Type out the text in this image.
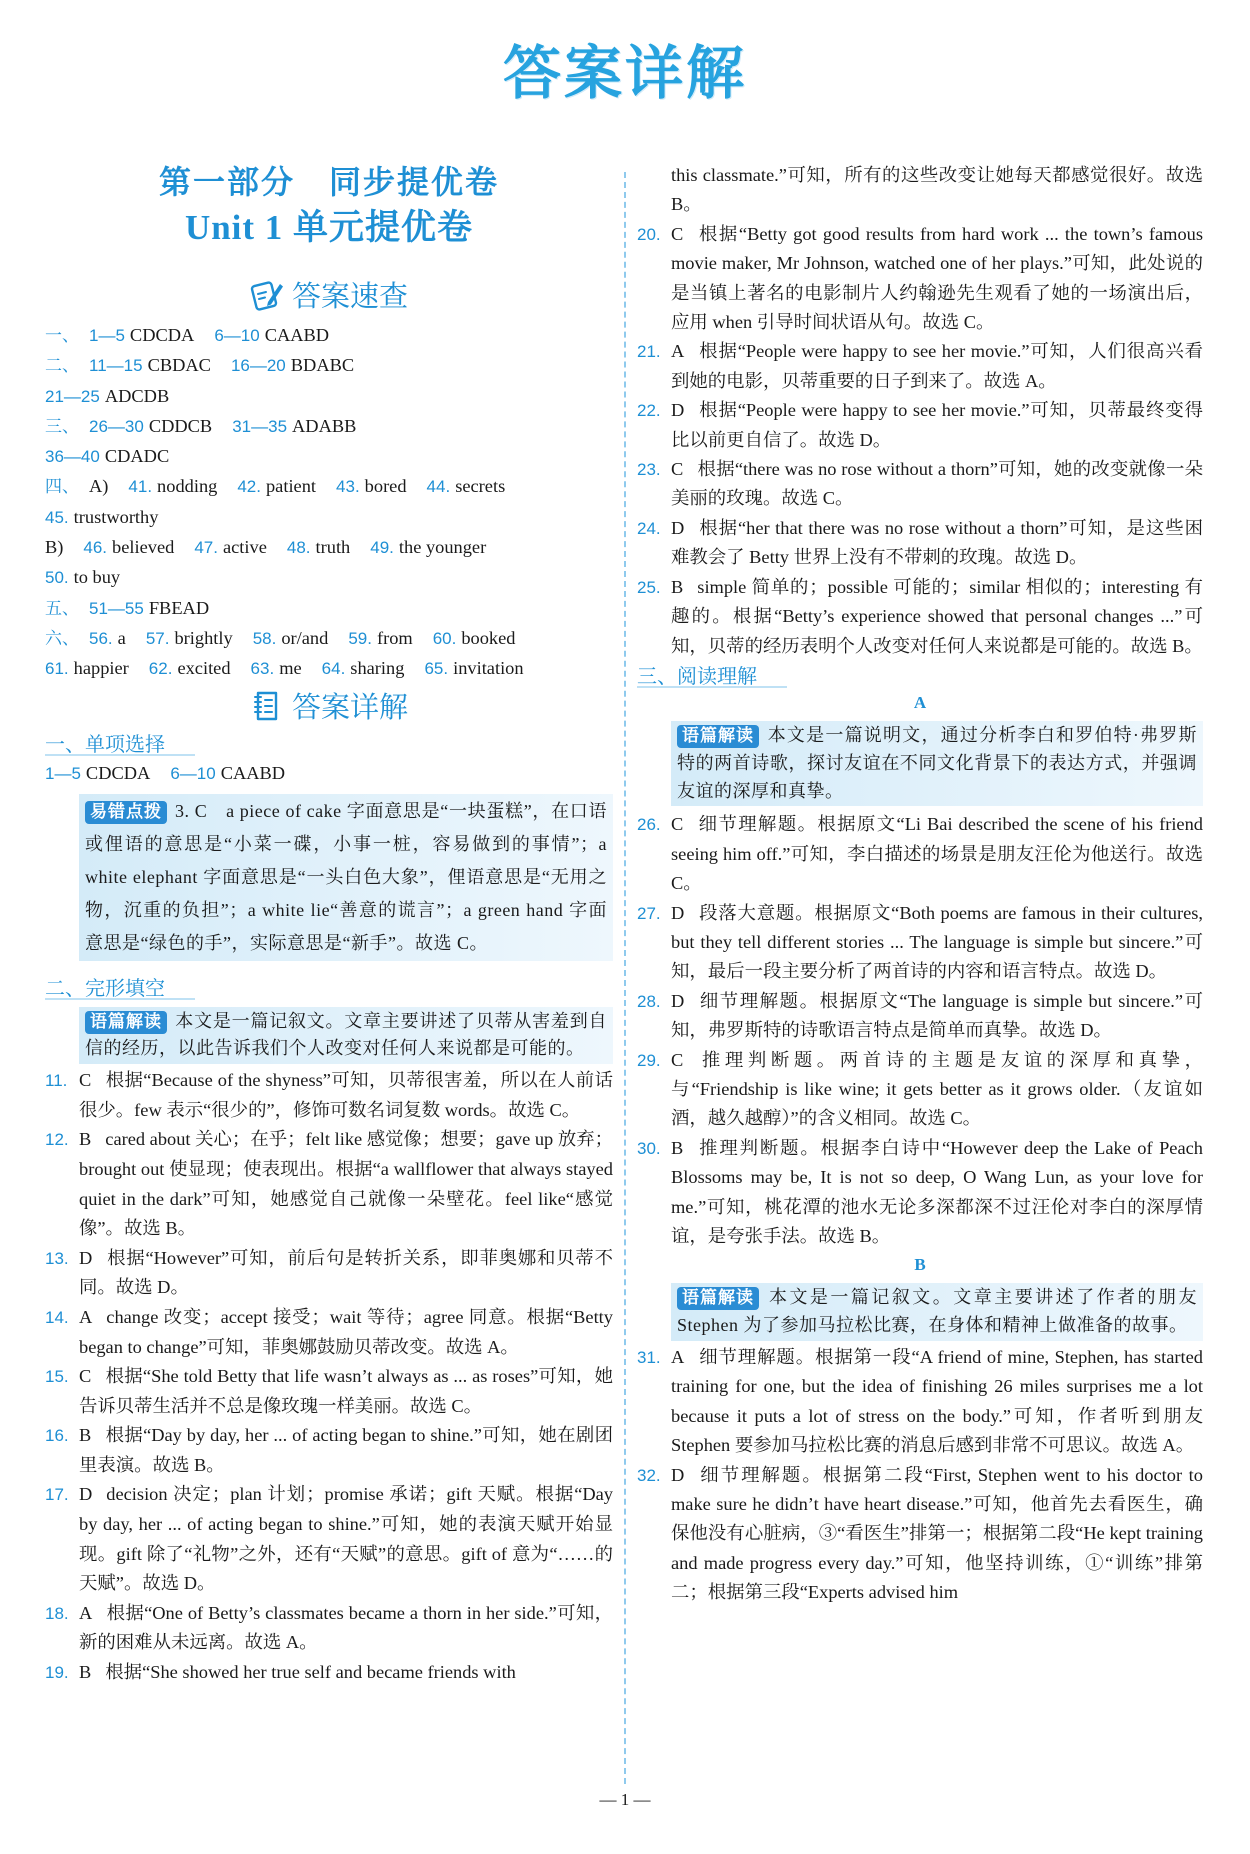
答案详解
第一部分　同步提优卷
Unit 1 单元提优卷
答案速查
一、 1—5 CDCDA 6—10 CAABD
二、 11—15 CBDAC 16—20 BDABC
21—25 ADCDB
三、 26—30 CDDCB 31—35 ADABB
36—40 CDADC
四、 A) 41. nodding 42. patient 43. bored 44. secrets
45. trustworthy
B) 46. believed 47. active 48. truth 49. the younger
50. to buy
五、 51—55 FBEAD
六、 56. a 57. brightly 58. or/and 59. from 60. booked
61. happier 62. excited 63. me 64. sharing 65. invitation
答案详解
一、单项选择
1—5 CDCDA 6—10 CAABD
易错点拨 3. C　a piece of cake 字面意思是“一块蛋糕”，在口语或俚语的意思是“小菜一碟，小事一桩，容易做到的事情”；a white elephant 字面意思是“一头白色大象”，俚语意思是“无用之物，沉重的负担”；a white lie“善意的谎言”；a green hand 字面意思是“绿色的手”，实际意思是“新手”。故选 C。
二、完形填空
语篇解读 本文是一篇记叙文。文章主要讲述了贝蒂从害羞到自信的经历，以此告诉我们个人改变对任何人来说都是可能的。

11. C 根据“Because of the shyness”可知，贝蒂很害羞，所以在人前话很少。few 表示“很少的”，修饰可数名词复数 words。故选 C。

12. B cared about 关心；在乎；felt like 感觉像；想要；gave up 放弃；brought out 使显现；使表现出。根据“a wallflower that always stayed quiet in the dark”可知，她感觉自己就像一朵壁花。feel like“感觉像”。故选 B。

13. D 根据“However”可知，前后句是转折关系，即菲奥娜和贝蒂不同。故选 D。

14. A change 改变；accept 接受；wait 等待；agree 同意。根据“Betty began to change”可知，菲奥娜鼓励贝蒂改变。故选 A。

15. C 根据“She told Betty that life wasn’t always as ... as roses”可知，她告诉贝蒂生活并不总是像玫瑰一样美丽。故选 C。

16. B 根据“Day by day, her ... of acting began to shine.”可知，她在剧团里表演。故选 B。

17. D decision 决定；plan 计划；promise 承诺；gift 天赋。根据“Day by day, her ... of acting began to shine.”可知，她的表演天赋开始显现。gift 除了“礼物”之外，还有“天赋”的意思。gift of 意为“……的天赋”。故选 D。

18. A 根据“One of Betty’s classmates became a thorn in her side.”可知，新的困难从未远离。故选 A。

19. B 根据“She showed her true self and became friends with

this classmate.”可知，所有的这些改变让她每天都感觉很好。故选 B。

20. C 根据“Betty got good results from hard work ... the town’s famous movie maker, Mr Johnson, watched one of her plays.”可知，此处说的是当镇上著名的电影制片人约翰逊先生观看了她的一场演出后，应用 when 引导时间状语从句。故选 C。

21. A 根据“People were happy to see her movie.”可知，人们很高兴看到她的电影，贝蒂重要的日子到来了。故选 A。

22. D 根据“People were happy to see her movie.”可知，贝蒂最终变得比以前更自信了。故选 D。

23. C 根据“there was no rose without a thorn”可知，她的改变就像一朵美丽的玫瑰。故选 C。

24. D 根据“her that there was no rose without a thorn”可知，是这些困难教会了 Betty 世界上没有不带刺的玫瑰。故选 D。

25. B simple 简单的；possible 可能的；similar 相似的；interesting 有趣的。根据“Betty’s experience showed that personal changes ...”可知，贝蒂的经历表明个人改变对任何人来说都是可能的。故选 B。

三、阅读理解
A
语篇解读 本文是一篇说明文，通过分析李白和罗伯特·弗罗斯特的两首诗歌，探讨友谊在不同文化背景下的表达方式，并强调友谊的深厚和真挚。

26. C 细节理解题。根据原文“Li Bai described the scene of his friend seeing him off.”可知，李白描述的场景是朋友汪伦为他送行。故选 C。

27. D 段落大意题。根据原文“Both poems are famous in their cultures, but they tell different stories ... The language is simple but sincere.”可知，最后一段主要分析了两首诗的内容和语言特点。故选 D。

28. D 细节理解题。根据原文“The language is simple but sincere.”可知，弗罗斯特的诗歌语言特点是简单而真挚。故选 D。

29. C 推理判断题。两首诗的主题是友谊的深厚和真挚，与“Friendship is like wine; it gets better as it grows older.（友谊如酒，越久越醇）”的含义相同。故选 C。

30. B 推理判断题。根据李白诗中“However deep the Lake of Peach Blossoms may be, It is not so deep, O Wang Lun, as your love for me.”可知，桃花潭的池水无论多深都深不过汪伦对李白的深厚情谊，是夸张手法。故选 B。

B
语篇解读 本文是一篇记叙文。文章主要讲述了作者的朋友 Stephen 为了参加马拉松比赛，在身体和精神上做准备的故事。

31. A 细节理解题。根据第一段“A friend of mine, Stephen, has started training for one, but the idea of finishing 26 miles surprises me a lot because it puts a lot of stress on the body.”可知，作者听到朋友 Stephen 要参加马拉松比赛的消息后感到非常不可思议。故选 A。

32. D 细节理解题。根据第二段“First, Stephen went to his doctor to make sure he didn’t have heart disease.”可知，他首先去看医生，确保他没有心脏病，③“看医生”排第一；根据第二段“He kept training and made progress every day.”可知，他坚持训练，①“训练”排第二；根据第三段“Experts advised him

— 1 —
